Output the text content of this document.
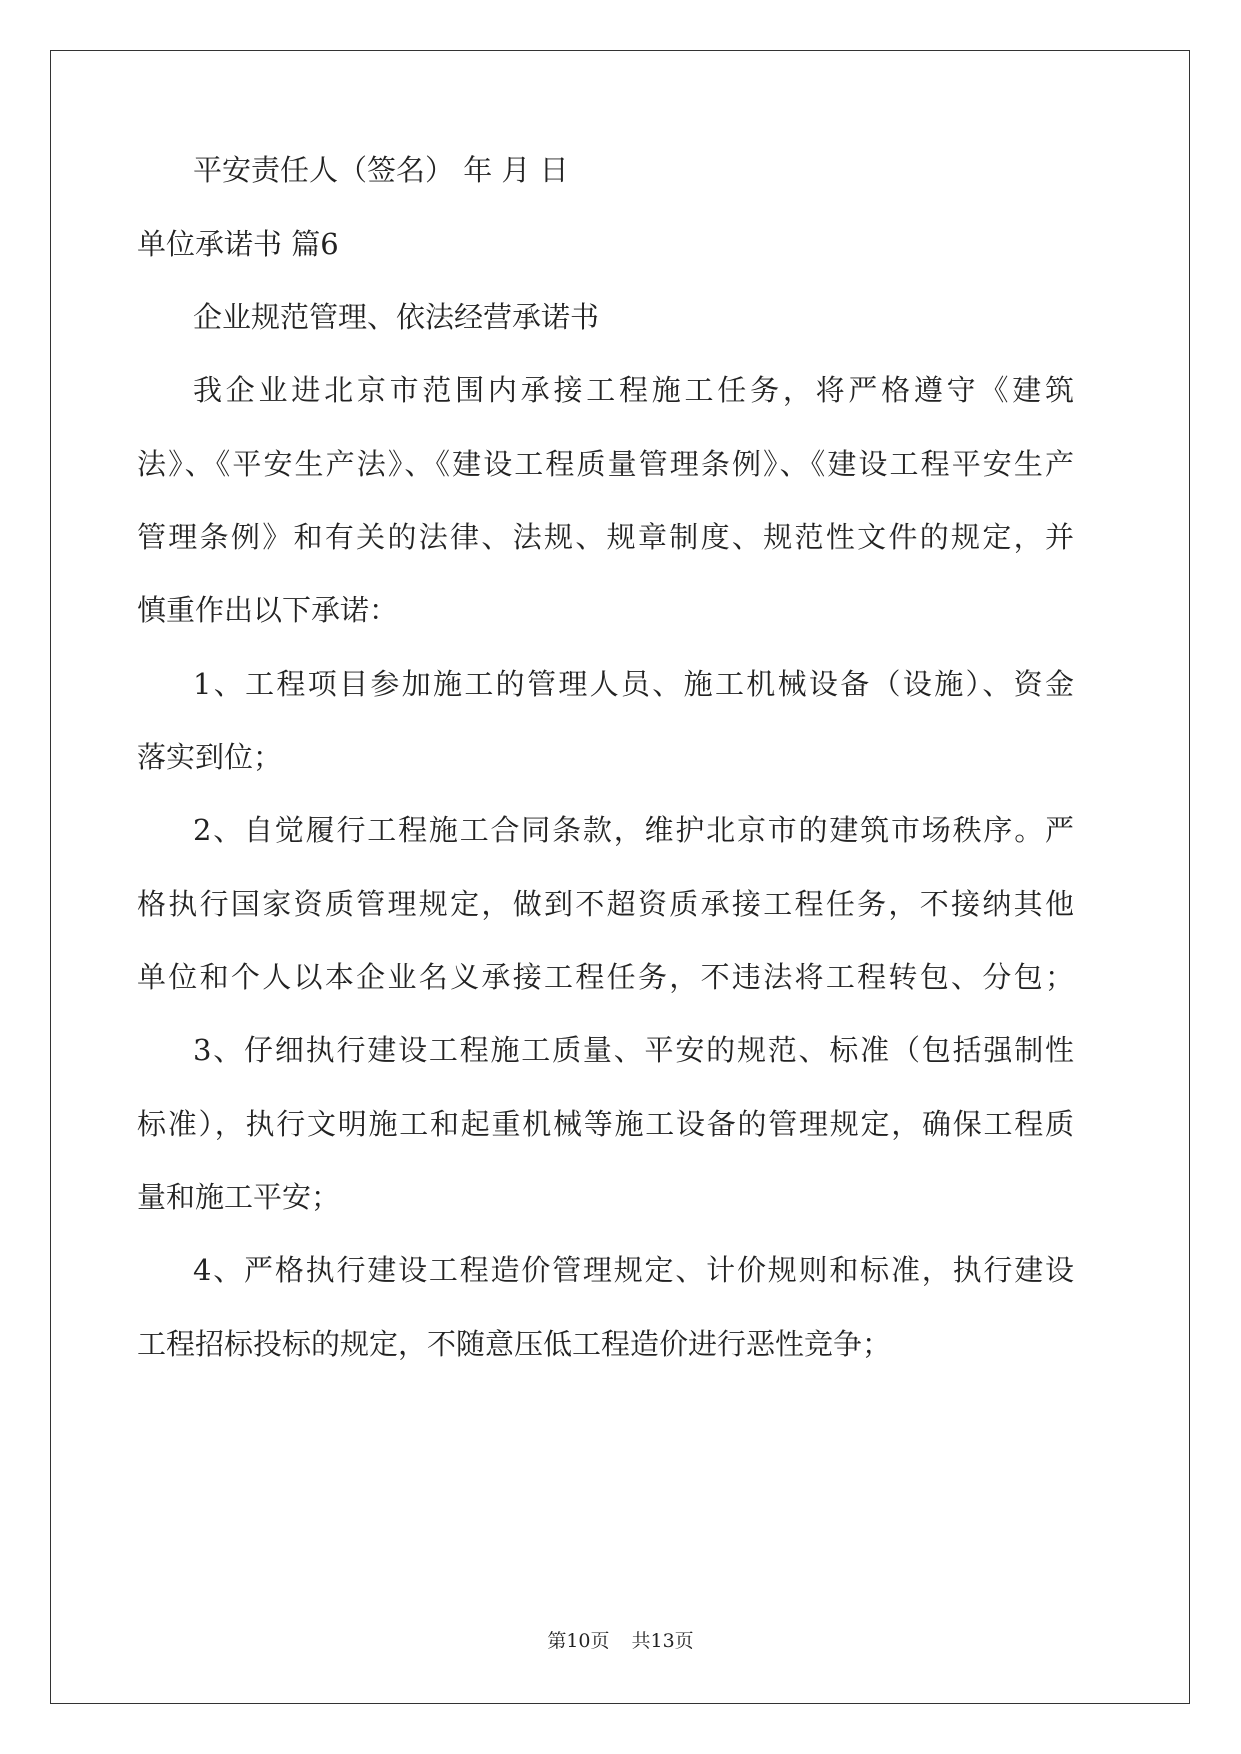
平安责任人（签名） 年 月 日
单位承诺书 篇6
企业规范管理、依法经营承诺书
我企业进北京市范围内承接工程施工任务，将严格遵守《建筑
法》、《平安生产法》、《建设工程质量管理条例》、《建设工程平安生产
管理条例》和有关的法律、法规、规章制度、规范性文件的规定，并
慎重作出以下承诺：
1、工程项目参加施工的管理人员、施工机械设备（设施）、资金
落实到位；
2、自觉履行工程施工合同条款，维护北京市的建筑市场秩序。严
格执行国家资质管理规定，做到不超资质承接工程任务，不接纳其他
单位和个人以本企业名义承接工程任务，不违法将工程转包、分包；
3、仔细执行建设工程施工质量、平安的规范、标准（包括强制性
标准），执行文明施工和起重机械等施工设备的管理规定，确保工程质
量和施工平安；
4、严格执行建设工程造价管理规定、计价规则和标准，执行建设
工程招标投标的规定，不随意压低工程造价进行恶性竞争；
第10页 共13页
